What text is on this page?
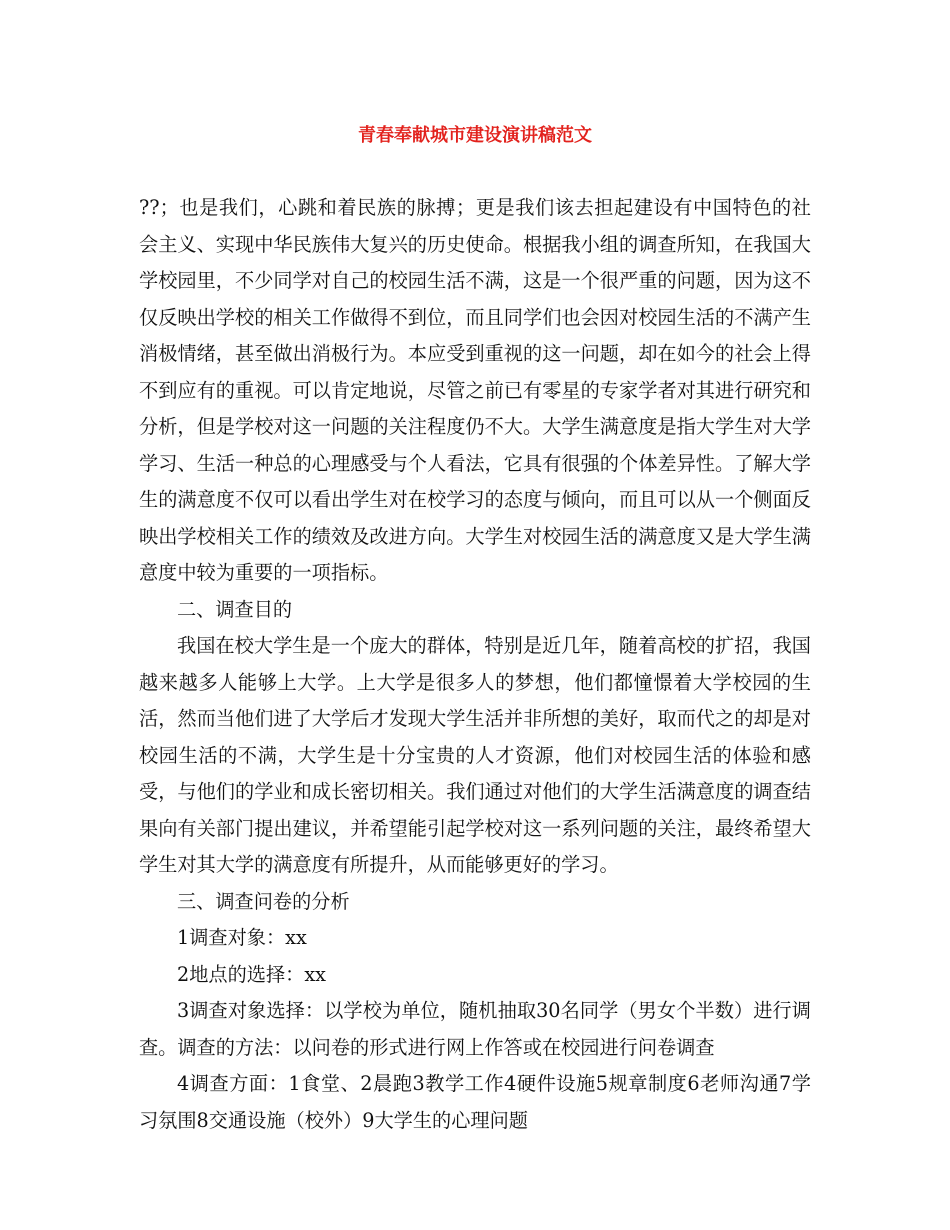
青春奉献城市建设演讲稿范文

??；也是我们，心跳和着民族的脉搏；更是我们该去担起建设有中国特色的社会主义、实现中华民族伟大复兴的历史使命。根据我小组的调查所知，在我国大学校园里，不少同学对自己的校园生活不满，这是一个很严重的问题，因为这不仅反映出学校的相关工作做得不到位，而且同学们也会因对校园生活的不满产生消极情绪，甚至做出消极行为。本应受到重视的这一问题，却在如今的社会上得不到应有的重视。可以肯定地说，尽管之前已有零星的专家学者对其进行研究和分析，但是学校对这一问题的关注程度仍不大。大学生满意度是指大学生对大学学习、生活一种总的心理感受与个人看法，它具有很强的个体差异性。了解大学生的满意度不仅可以看出学生对在校学习的态度与倾向，而且可以从一个侧面反映出学校相关工作的绩效及改进方向。大学生对校园生活的满意度又是大学生满意度中较为重要的一项指标。

二、调查目的

我国在校大学生是一个庞大的群体，特别是近几年，随着高校的扩招，我国越来越多人能够上大学。上大学是很多人的梦想，他们都憧憬着大学校园的生活，然而当他们进了大学后才发现大学生活并非所想的美好，取而代之的却是对校园生活的不满，大学生是十分宝贵的人才资源，他们对校园生活的体验和感受，与他们的学业和成长密切相关。我们通过对他们的大学生活满意度的调查结果向有关部门提出建议，并希望能引起学校对这一系列问题的关注，最终希望大学生对其大学的满意度有所提升，从而能够更好的学习。

三、调查问卷的分析

1调查对象：xx

2地点的选择：xx

3调查对象选择：以学校为单位，随机抽取30名同学（男女个半数）进行调查。调查的方法：以问卷的形式进行网上作答或在校园进行问卷调查

4调查方面：1食堂、2晨跑3教学工作4硬件设施5规章制度6老师沟通7学习氛围8交通设施（校外）9大学生的心理问题
